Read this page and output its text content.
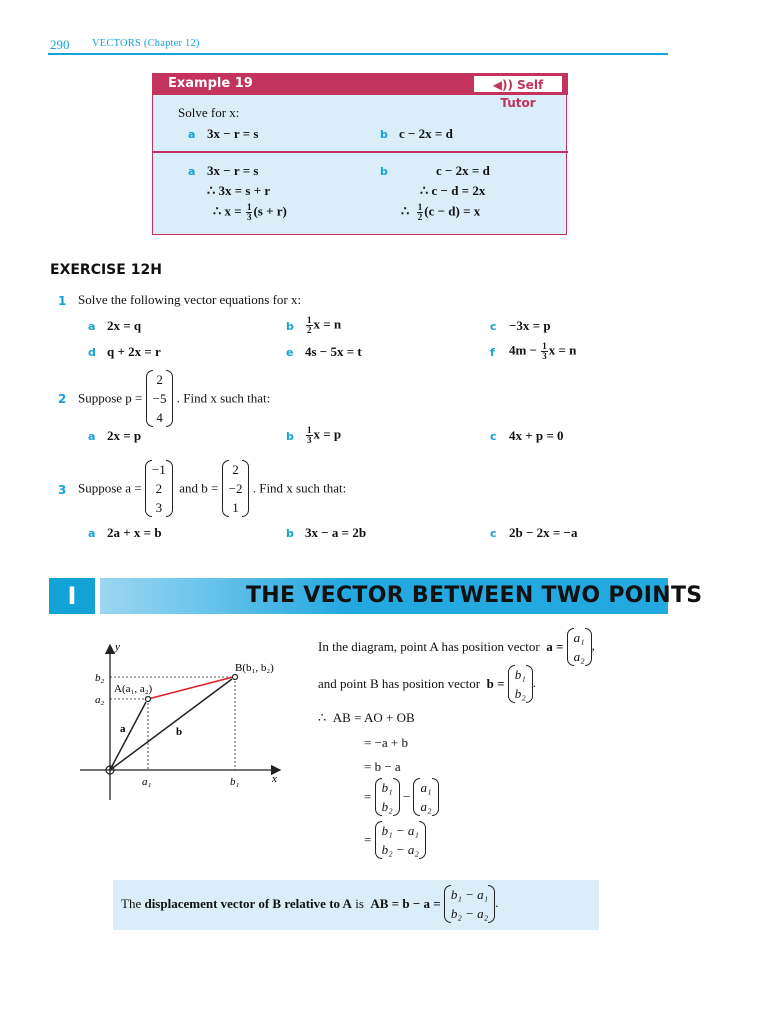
290 VECTORS (Chapter 12)
Example 19	◀)) Self Tutor
Solve for x:
a 3x − r = s	b c − 2x = d
a 3x − r = s
∴ 3x = s + r
∴ $x = \frac{1}{3} (s + r)$
b	c − 2x = d
∴ c − d = 2x
∴ $\frac{1}{2} (c - d) = x$
EXERCISE 12H
1 Solve the following vector equations for x:
a 2x = q	b $\frac{1}{2}$ x = n	c −3x = p
d q + 2x = r	e 4s − 5x = t	f $4m - \frac{1}{3}$ x = n
2 Suppose p = 2
−5
4 . Find x such that:
a 2x = p	b $\frac{1}{3}$ x = p	c 4x + p = 0
3 Suppose a = −1
2
3  and b = 2
−2
1 . Find x such that:
a 2a + x = b	b 3x − a = 2b	c 2b − 2x = −a
I	THE VECTOR BETWEEN TWO POINTS
y
x
b₂
a₂
a₁	b₁
A(a₁, a₂)
B(b₁, b₂)
a	b
In the diagram, point A has position vector a = a₁
a₂,
and point B has position vector b = b₁
b₂.
∴ AB = AO + OB
= −a + b
= b − a
= b₁
b₂ − a₁
a₂
= b₁ − a₁
b₂ − a₂
The displacement vector of B relative to A is AB = b − a = b₁ − a₁
b₂ − a₂.
